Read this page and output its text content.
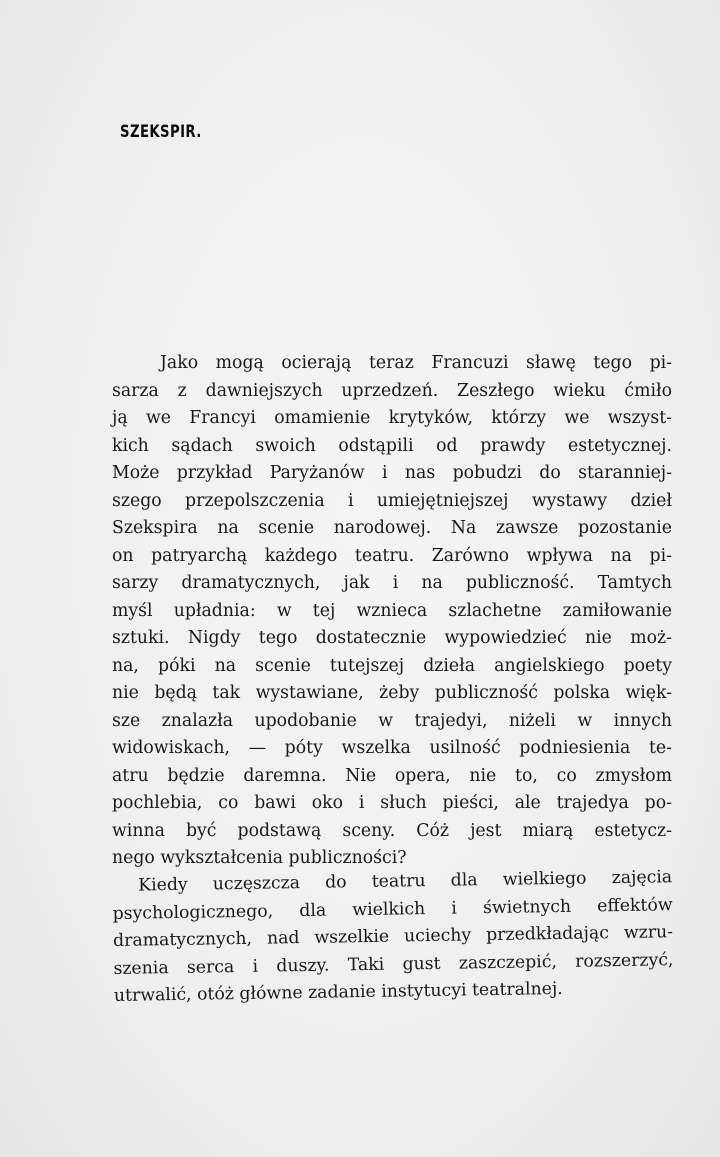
SZEKSPIR.
Jako mogą ocierają teraz Francuzi sławę tego pi-
sarza z dawniejszych uprzedzeń. Zeszłego wieku ćmiło
ją we Francyi omamienie krytyków, którzy we wszyst-
kich sądach swoich odstąpili od prawdy estetycznej.
Może przykład Paryżanów i nas pobudzi do staranniej-
szego przepolszczenia i umiejętniejszej wystawy dzieł
Szekspira na scenie narodowej. Na zawsze pozostanie
on patryarchą każdego teatru. Zarówno wpływa na pi-
sarzy dramatycznych, jak i na publiczność. Tamtych
myśl upładnia: w tej wznieca szlachetne zamiłowanie
sztuki. Nigdy tego dostatecznie wypowiedzieć nie moż-
na, póki na scenie tutejszej dzieła angielskiego poety
nie będą tak wystawiane, żeby publiczność polska więk-
sze znalazła upodobanie w trajedyi, niżeli w innych
widowiskach, — póty wszelka usilność podniesienia te-
atru będzie daremna. Nie opera, nie to, co zmysłom
pochlebia, co bawi oko i słuch pieści, ale trajedya po-
winna być podstawą sceny. Cóż jest miarą estetycz-
nego wykształcenia publiczności?
Kiedy uczęszcza do teatru dla wielkiego zajęcia
psychologicznego, dla wielkich i świetnych effektów
dramatycznych, nad wszelkie uciechy przedkładając wzru-
szenia serca i duszy. Taki gust zaszczepić, rozszerzyć,
utrwalić, otóż główne zadanie instytucyi teatralnej.
